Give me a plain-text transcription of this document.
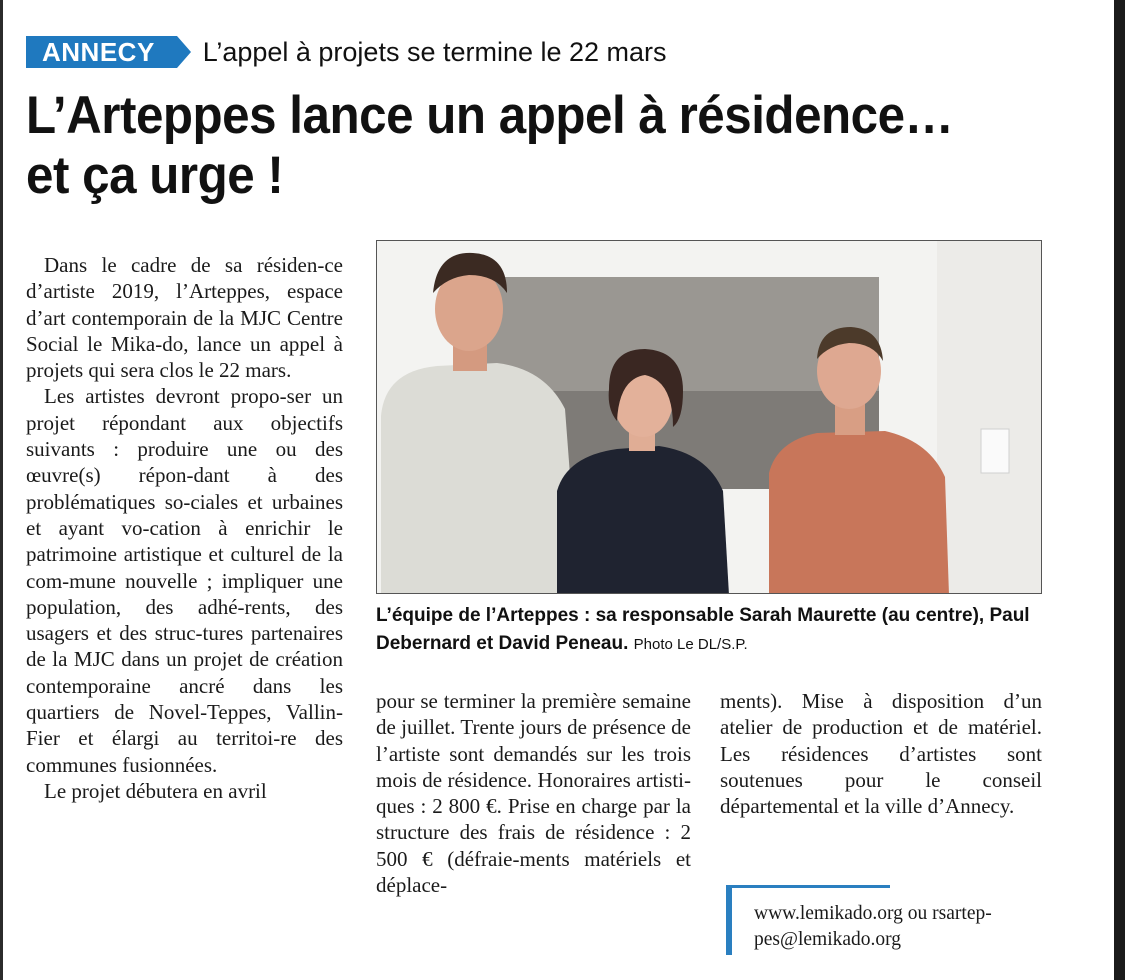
ANNECY	L’appel à projets se termine le 22 mars
L’Arteppes lance un appel à résidence…
et ça urge !

Dans le cadre de sa résiden-ce d’artiste 2019, l’Arteppes, espace d’art contemporain de la MJC Centre Social le Mika-do, lance un appel à projets qui sera clos le 22 mars.

Les artistes devront propo-ser un projet répondant aux objectifs suivants : produire une ou des œuvre(s) répon-dant à des problématiques so-ciales et urbaines et ayant vo-cation à enrichir le patrimoine artistique et culturel de la com-mune nouvelle ; impliquer une population, des adhé-rents, des usagers et des struc-tures partenaires de la MJC dans un projet de création contemporaine ancré dans les quartiers de Novel-Teppes, Vallin-Fier et élargi au territoi-re des communes fusionnées.

Le projet débutera en avril

L’équipe de l’Arteppes : sa responsable Sarah Maurette (au centre), Paul Debernard et David Peneau. Photo Le DL/S.P.

pour se terminer la première semaine de juillet. Trente jours de présence de l’artiste sont demandés sur les trois mois de résidence. Honoraires artisti-ques : 2 800 €. Prise en charge par la structure des frais de résidence : 2 500 € (défraie-ments matériels et déplace-

ments). Mise à disposition d’un atelier de production et de matériel. Les résidences d’artistes sont soutenues pour le conseil départemental et la ville d’Annecy.

www.lemikado.org ou rsartep-pes@lemikado.org
